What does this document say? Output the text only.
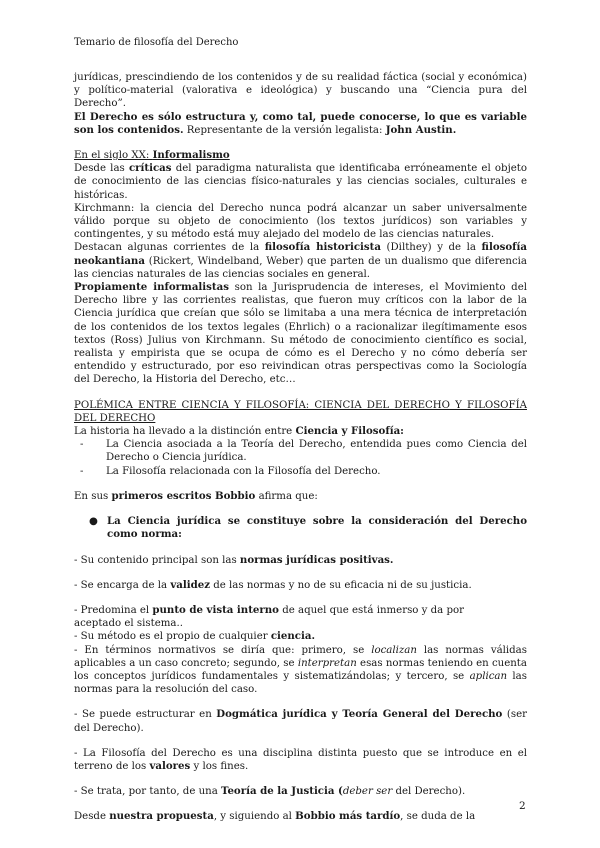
Temario de filosofía del Derecho

jurídicas, prescindiendo de los contenidos y de su realidad fáctica (social y económica) y político-material (valorativa e ideológica) y buscando una “Ciencia pura del Derecho”.

El Derecho es sólo estructura y, como tal, puede conocerse, lo que es variable son los contenidos. Representante de la versión legalista: John Austin.

En el siglo XX: Informalismo

Desde las críticas del paradigma naturalista que identificaba erróneamente el objeto de conocimiento de las ciencias físico-naturales y las ciencias sociales, culturales e históricas.

Kirchmann: la ciencia del Derecho nunca podrá alcanzar un saber universalmente válido porque su objeto de conocimiento (los textos jurídicos) son variables y contingentes, y su método está muy alejado del modelo de las ciencias naturales.

Destacan algunas corrientes de la filosofía historicista (Dilthey) y de la filosofía neokantiana (Rickert, Windelband, Weber) que parten de un dualismo que diferencia las ciencias naturales de las ciencias sociales en general.

Propiamente informalistas son la Jurisprudencia de intereses, el Movimiento del Derecho libre y las corrientes realistas, que fueron muy críticos con la labor de la Ciencia jurídica que creían que sólo se limitaba a una mera técnica de interpretación de los contenidos de los textos legales (Ehrlich) o a racionalizar ilegítimamente esos textos (Ross) Julius von Kirchmann. Su método de conocimiento científico es social, realista y empirista que se ocupa de cómo es el Derecho y no cómo debería ser entendido y estructurado, por eso reivindican otras perspectivas como la Sociología del Derecho, la Historia del Derecho, etc…

POLÉMICA ENTRE CIENCIA Y FILOSOFÍA: CIENCIA DEL DERECHO Y FILOSOFÍA DEL DERECHO

La historia ha llevado a la distinción entre Ciencia y Filosofía:

- La Ciencia asociada a la Teoría del Derecho, entendida pues como Ciencia del Derecho o Ciencia jurídica.
- La Filosofía relacionada con la Filosofía del Derecho.

En sus primeros escritos Bobbio afirma que:

● La Ciencia jurídica se constituye sobre la consideración del Derecho como norma:

- Su contenido principal son las normas jurídicas positivas.

- Se encarga de la validez de las normas y no de su eficacia ni de su justicia.

- Predomina el punto de vista interno de aquel que está inmerso y da por

aceptado el sistema..

- Su método es el propio de cualquier ciencia.

- En términos normativos se diría que: primero, se localizan las normas válidas aplicables a un caso concreto; segundo, se interpretan esas normas teniendo en cuenta los conceptos jurídicos fundamentales y sistematizándolas; y tercero, se aplican las normas para la resolución del caso.

- Se puede estructurar en Dogmática jurídica y Teoría General del Derecho (ser del Derecho).

- La Filosofía del Derecho es una disciplina distinta puesto que se introduce en el terreno de los valores y los fines.

- Se trata, por tanto, de una Teoría de la Justicia (deber ser del Derecho).

Desde nuestra propuesta, y siguiendo al Bobbio más tardío, se duda de la

2
